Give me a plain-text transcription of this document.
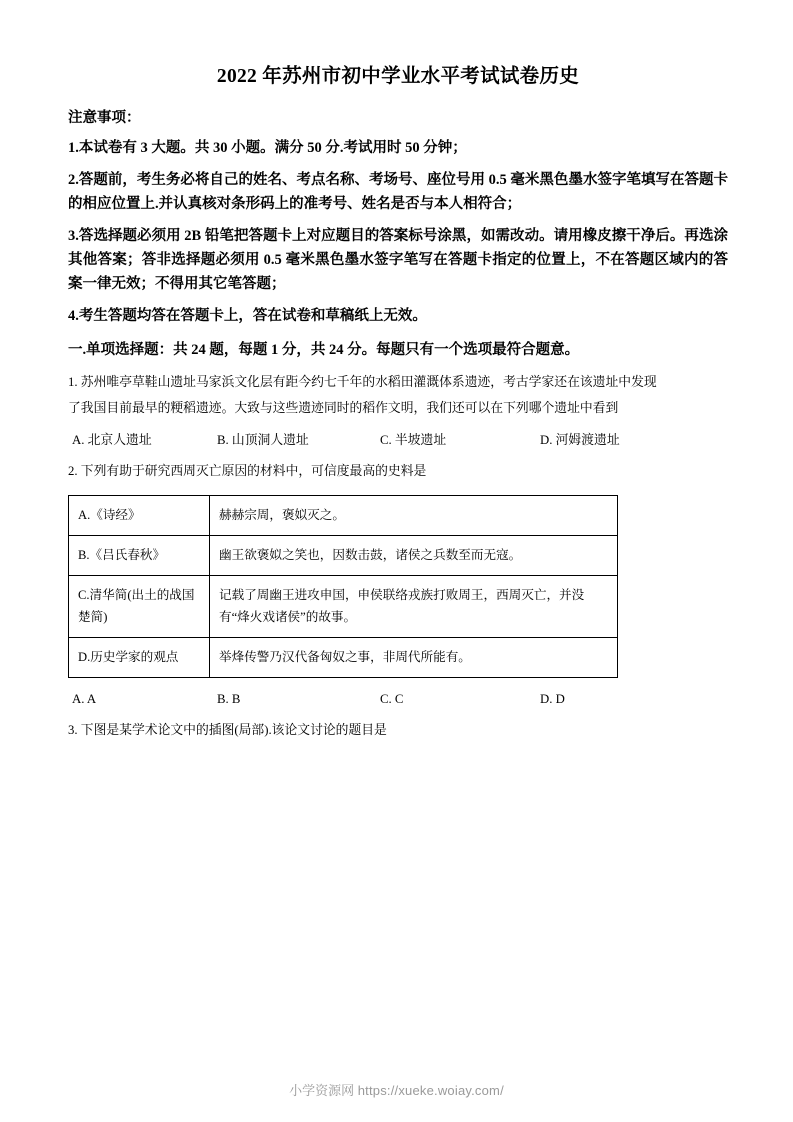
2022 年苏州市初中学业水平考试试卷历史
注意事项：
1.本试卷有 3 大题。共 30 小题。满分 50 分.考试用时 50 分钟；
2.答题前，考生务必将自己的姓名、考点名称、考场号、座位号用 0.5 毫米黑色墨水签字笔填写在答题卡的相应位置上.并认真核对条形码上的准考号、姓名是否与本人相符合；
3.答选择题必须用 2B 铅笔把答题卡上对应题目的答案标号涂黑，如需改动。请用橡皮擦干净后。再选涂其他答案；答非选择题必须用 0.5 毫米黑色墨水签字笔写在答题卡指定的位置上，不在答题区域内的答案一律无效；不得用其它笔答题；
4.考生答题均答在答题卡上，答在试卷和草稿纸上无效。
一.单项选择题：共 24 题，每题 1 分，共 24 分。每题只有一个选项最符合题意。
1. 苏州唯亭草鞋山遗址马家浜文化层有距今约七千年的水稻田灌溉体系遗迹，考古学家还在该遗址中发现
了我国目前最早的粳稻遗迹。大致与这些遗迹同时的稻作文明，我们还可以在下列哪个遗址中看到
A. 北京人遗址	B. 山顶洞人遗址	C. 半坡遗址	D. 河姆渡遗址
2. 下列有助于研究西周灭亡原因的材料中，可信度最高的史料是
A.《诗经》	赫赫宗周，褒姒灭之。
B.《吕氏春秋》	幽王欲褒姒之笑也，因数击鼓，诸侯之兵数至而无寇。
C.清华简(出土的战国楚简)	记载了周幽王进攻申国，申侯联络戎族打败周王，西周灭亡，并没有“烽火戏诸侯”的故事。
D.历史学家的观点	举烽传警乃汉代备匈奴之事，非周代所能有。
A. A	B. B	C. C	D. D
3. 下图是某学术论文中的插图(局部).该论文讨论的题目是
小学资源网 https://xueke.woiay.com/
